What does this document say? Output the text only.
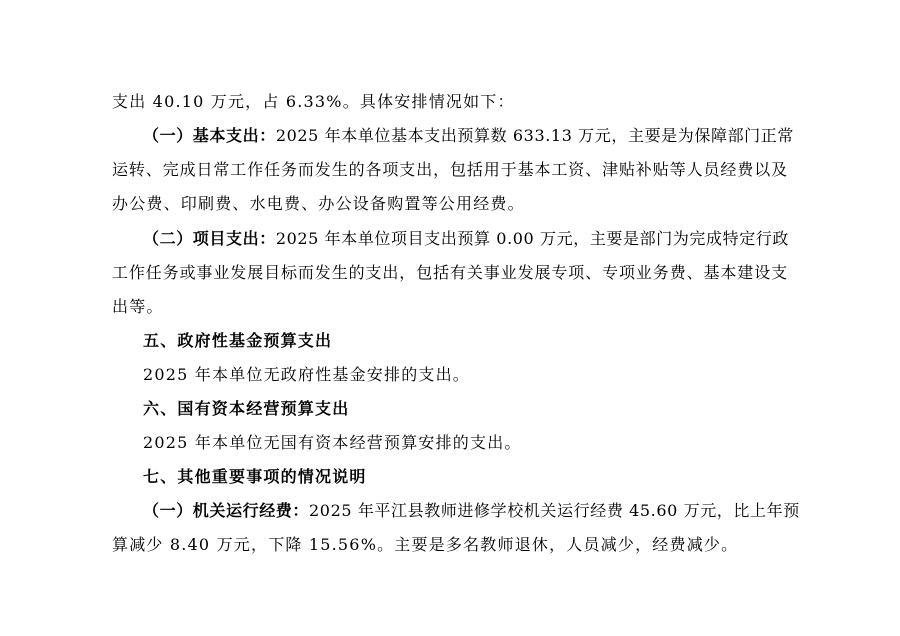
支出 40.10 万元，占 6.33%。具体安排情况如下：
（一）基本支出：2025 年本单位基本支出预算数 633.13 万元，主要是为保障部门正常
运转、完成日常工作任务而发生的各项支出，包括用于基本工资、津贴补贴等人员经费以及
办公费、印刷费、水电费、办公设备购置等公用经费。
（二）项目支出：2025 年本单位项目支出预算 0.00 万元，主要是部门为完成特定行政
工作任务或事业发展目标而发生的支出，包括有关事业发展专项、专项业务费、基本建设支
出等。
五、政府性基金预算支出
2025 年本单位无政府性基金安排的支出。
六、国有资本经营预算支出
2025 年本单位无国有资本经营预算安排的支出。
七、其他重要事项的情况说明
（一）机关运行经费：2025 年平江县教师进修学校机关运行经费 45.60 万元，比上年预
算减少 8.40 万元，下降 15.56%。主要是多名教师退休，人员减少，经费减少。
